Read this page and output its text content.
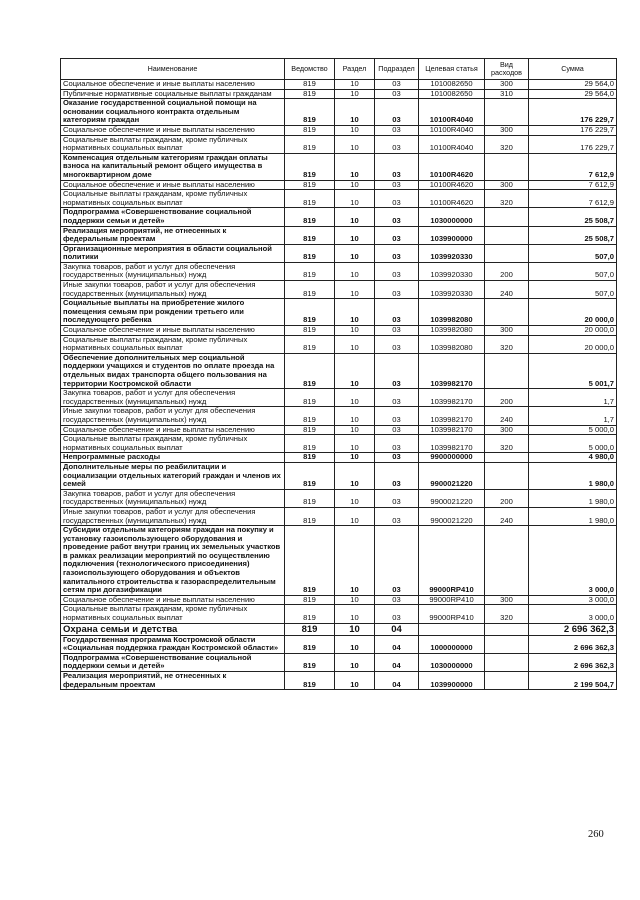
Наименование	Ведомство	Раздел	Подраздел	Целевая статья	Вид расходов	Сумма
Социальное обеспечение и иные выплаты населению	819	10	03	1010082650	300	29 564,0
Публичные нормативные социальные выплаты гражданам	819	10	03	1010082650	310	29 564,0
Оказание государственной социальной помощи на основании социального контракта отдельным категориям граждан	819	10	03	10100R4040		176 229,7
Социальное обеспечение и иные выплаты населению	819	10	03	10100R4040	300	176 229,7
Социальные выплаты гражданам, кроме публичных нормативных социальных выплат	819	10	03	10100R4040	320	176 229,7
Компенсация отдельным категориям граждан оплаты взноса на капитальный ремонт общего имущества в многоквартирном доме	819	10	03	10100R4620		7 612,9
Социальное обеспечение и иные выплаты населению	819	10	03	10100R4620	300	7 612,9
Социальные выплаты гражданам, кроме публичных нормативных социальных выплат	819	10	03	10100R4620	320	7 612,9
Подпрограмма «Совершенствование социальной поддержки семьи и детей»	819	10	03	1030000000		25 508,7
Реализация мероприятий, не отнесенных к федеральным проектам	819	10	03	1039900000		25 508,7
Организационные мероприятия в области социальной политики	819	10	03	1039920330		507,0
Закупка товаров, работ и услуг для обеспечения государственных (муниципальных) нужд	819	10	03	1039920330	200	507,0
Иные закупки товаров, работ и услуг для обеспечения государственных (муниципальных) нужд	819	10	03	1039920330	240	507,0
Социальные выплаты на приобретение жилого помещения семьям при рождении третьего или последующего ребенка	819	10	03	1039982080		20 000,0
Социальное обеспечение и иные выплаты населению	819	10	03	1039982080	300	20 000,0
Социальные выплаты гражданам, кроме публичных нормативных социальных выплат	819	10	03	1039982080	320	20 000,0
Обеспечение дополнительных мер социальной поддержки учащихся и студентов по оплате проезда на отдельных видах транспорта общего пользования на территории Костромской области	819	10	03	1039982170		5 001,7
Закупка товаров, работ и услуг для обеспечения государственных (муниципальных) нужд	819	10	03	1039982170	200	1,7
Иные закупки товаров, работ и услуг для обеспечения государственных (муниципальных) нужд	819	10	03	1039982170	240	1,7
Социальное обеспечение и иные выплаты населению	819	10	03	1039982170	300	5 000,0
Социальные выплаты гражданам, кроме публичных нормативных социальных выплат	819	10	03	1039982170	320	5 000,0
Непрограммные расходы	819	10	03	9900000000		4 980,0
Дополнительные меры по реабилитации и социализации отдельных категорий граждан и членов их семей	819	10	03	9900021220		1 980,0
Закупка товаров, работ и услуг для обеспечения государственных (муниципальных) нужд	819	10	03	9900021220	200	1 980,0
Иные закупки товаров, работ и услуг для обеспечения государственных (муниципальных) нужд	819	10	03	9900021220	240	1 980,0
Субсидии отдельным категориям граждан на покупку и установку газоиспользующего оборудования и проведение работ внутри границ их земельных участков в рамках реализации мероприятий по осуществлению подключения (технологического присоединения) газоиспользующего оборудования и объектов капитального строительства к газораспределительным сетям при догазификации	819	10	03	99000RP410		3 000,0
Социальное обеспечение и иные выплаты населению	819	10	03	99000RP410	300	3 000,0
Социальные выплаты гражданам, кроме публичных нормативных социальных выплат	819	10	03	99000RP410	320	3 000,0
Охрана семьи и детства	819	10	04			2 696 362,3
Государственная программа Костромской области «Социальная поддержка граждан Костромской области»	819	10	04	1000000000		2 696 362,3
Подпрограмма «Совершенствование социальной поддержки семьи и детей»	819	10	04	1030000000		2 696 362,3
Реализация мероприятий, не отнесенных к федеральным проектам	819	10	04	1039900000		2 199 504,7
260
